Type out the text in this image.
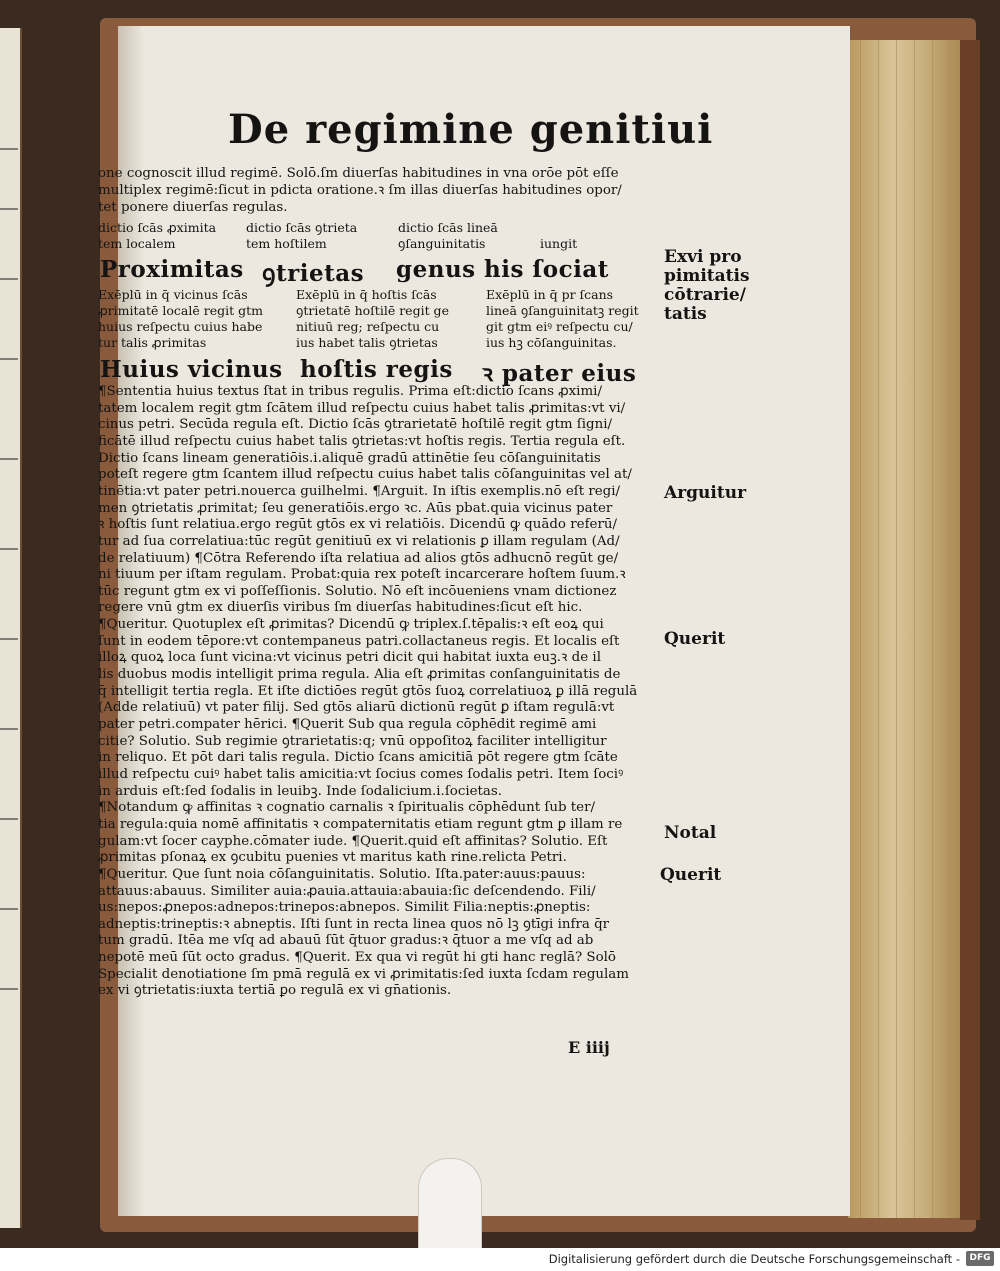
De regimine genitiui
one cognoscit illud regimē. Solō.ſm diuerſas habitudines in vna orōe pōt eſſe
multiplex regimē:ſicut in pdicta oratione.ꝛ ſm illas diuerſas habitudines opor/
tet ponere diuerſas regulas.
dictio ſcās ꝓximita
tem localem
dictio ſcās ꝯtrieta
tem hoſtilem
dictio ſcās lineā
ꝯſanguinitatis	iungit
Proximitas ꝯtrietas genus his ſociat
Exēplū in q̄ vicinus ſcās
ꝓrimitatē localē regit gtm
huius reſpectu cuius habe
tur talis ꝓrimitas
Exēplū in q̄ hoſtis ſcās
ꝯtrietatē hoſtilē regit ge
nitiuū reg; reſpectu cu
ius habet talis ꝯtrietas
Exēplū in q̄ pr ſcans
lineā ꝯſanguinitatꝫ regit
git gtm eiꝰ reſpectu cu/
ius hꝫ cōſanguinitas.
Huius vicinus hoſtis regis ꝛ pater eius
¶Sententia huius textus ſtat in tribus regulis. Prima eſt:dictio ſcans ꝓximi/
tatem localem regit gtm ſcātem illud reſpectu cuius habet talis ꝓrimitas:vt vi/
cinus petri. Secūda regula eſt. Dictio ſcās ꝯtrarietatē hoſtilē regit gtm ſigni/
ficātē illud reſpectu cuius habet talis ꝯtrietas:vt hoſtis regis. Tertia regula eſt.
Dictio ſcans lineam generatiōis.i.aliquē gradū attinētie ſeu cōſanguinitatis
poteſt regere gtm ſcantem illud reſpectu cuius habet talis cōſanguinitas vel at/
tinētia:vt pater petri.nouerca guilhelmi. ¶Arguit. In iſtis exemplis.nō eſt regi/
men ꝯtrietatis ꝓrimitat; ſeu generatiōis.ergo ꝛc. Aūs pbat.quia vicinus pater
ꝛ hoſtis ſunt relatiua.ergo regūt gtōs ex vi relatiōis. Dicendū ꝙ quādo referū/
tur ad ſua correlatiua:tūc regūt genitiuū ex vi relationis ꝑ illam regulam (Ad/
de relatiuum) ¶Cōtra Referendo iſta relatiua ad alios gtōs adhucnō regūt ge/
ni tiuum per iſtam regulam. Probat:quia rex poteſt incarcerare hoſtem ſuum.ꝛ
tūc regunt gtm ex vi poſſeſſionis. Solutio. Nō eſt incōueniens vnam dictionez
regere vnū gtm ex diuerſis viribus ſm diuerſas habitudines:ſicut eſt hic.
¶Queritur. Quotuplex eſt ꝓrimitas? Dicendū ꝙ triplex.ſ.tēpalis:ꝛ eſt eoꝝ qui
ſunt in eodem tēpore:vt contempaneus patri.collactaneus regis. Et localis eſt
illoꝝ quoꝝ loca ſunt vicina:vt vicinus petri dicit qui habitat iuxta euꝫ.ꝛ de il
lis duobus modis intelligit prima regula. Alia eſt ꝓrimitas conſanguinitatis de
q̄ intelligit tertia regla. Et iſte dictiōes regūt gtōs ſuoꝝ correlatiuoꝝ ꝑ illā regulā
(Adde relatiuū) vt pater filij. Sed gtōs aliarū dictionū regūt ꝑ iſtam regulā:vt
pater petri.compater hērici. ¶Querit Sub qua regula cōphēdit regimē ami
citie? Solutio. Sub regimie ꝯtrarietatis:q; vnū oppoſitoꝝ faciliter intelligitur
in reliquo. Et pōt dari talis regula. Dictio ſcans amicitiā pōt regere gtm ſcāte
illud reſpectu cuiꝰ habet talis amicitia:vt ſocius comes ſodalis petri. Item ſociꝰ
in arduis eſt:ſed ſodalis in leuibꝫ. Inde ſodalicium.i.ſocietas.
¶Notandum ꝙ affinitas ꝛ cognatio carnalis ꝛ ſpiritualis cōphēdunt ſub ter/
tia regula:quia nomē affinitatis ꝛ compaternitatis etiam regunt gtm ꝑ illam re
gulam:vt ſocer cayphe.cōmater iude. ¶Querit.quid eſt affinitas? Solutio. Eſt
ꝓrimitas pſonaꝝ ex ꝯcubitu puenies vt maritus kath rine.relicta Petri.
¶Queritur. Que ſunt noia cōſanguinitatis. Solutio. Iſta.pater:auus:pauus:
attauus:abauus. Similiter auia:ꝓauia.attauia:abauia:ſic deſcendendo. Fili/
us:nepos:ꝓnepos:adnepos:trinepos:abnepos. Similit Filia:neptis:ꝓneptis:
adneptis:trineptis:ꝛ abneptis. Iſti ſunt in recta linea quos nō lꝫ ꝯtīgi infra q̄r
tum gradū. Itēa me vſq ad abauū ſūt q̄tuor gradus:ꝛ q̄tuor a me vſq ad ab
nepotē meū ſūt octo gradus. ¶Querit. Ex qua vi regūt hi gti hanc reglā? Solō
Specialit denotiatione ſm pmā regulā ex vi ꝓrimitatis:ſed iuxta ſcdam regulam
ex vi ꝯtrietatis:iuxta tertiā ꝑo regulā ex vi gn̄ationis.
Exvi pro
pimitatis
cōtrarie/
tatis
Arguitur
Querit
Notal
Querit
E iiij
Digitalisierung gefördert durch die Deutsche Forschungsgemeinschaft -	DFG
